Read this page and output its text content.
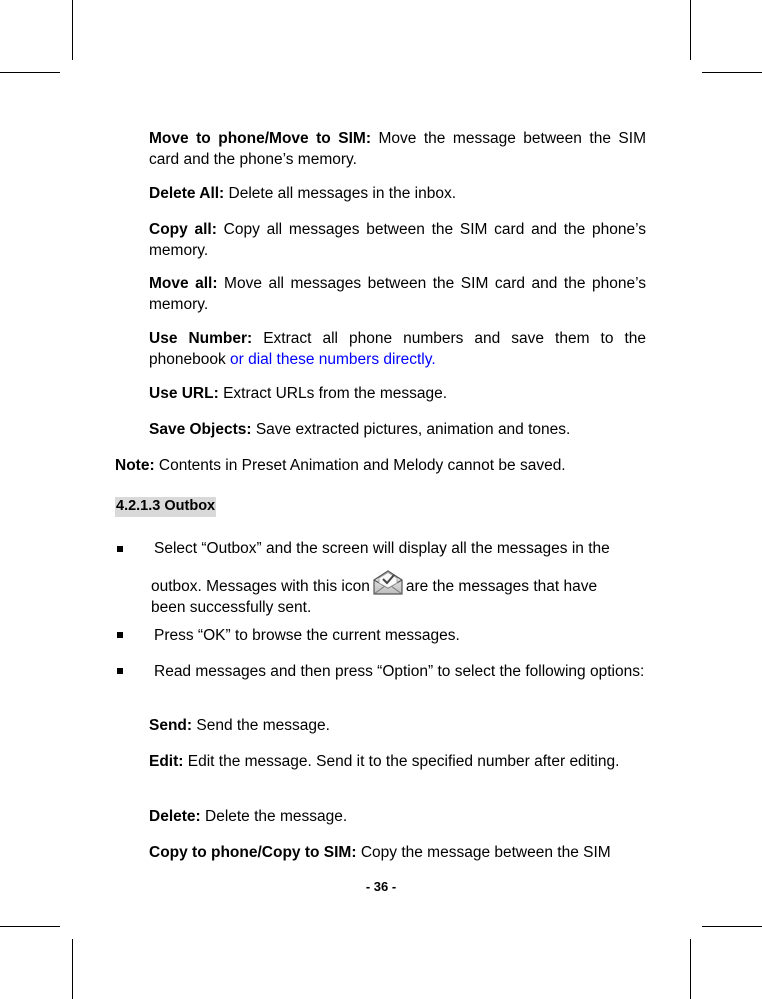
Move to phone/Move to SIM: Move the message between the SIM card and the phone’s memory.

Delete All: Delete all messages in the inbox.

Copy all: Copy all messages between the SIM card and the phone’s memory.

Move all: Move all messages between the SIM card and the phone’s memory.

Use Number: Extract all phone numbers and save them to the phonebook or dial these numbers directly.

Use URL: Extract URLs from the message.

Save Objects: Save extracted pictures, animation and tones.

Note: Contents in Preset Animation and Melody cannot be saved.

4.2.1.3 Outbox
Select “Outbox” and the screen will display all the messages in the
outbox. Messages with this icon are the messages that have
been successfully sent.

Press “OK” to browse the current messages.

Read messages and then press “Option” to select the following options:

Send: Send the message.

Edit: Edit the message. Send it to the specified number after editing.

Delete: Delete the message.

Copy to phone/Copy to SIM: Copy the message between the SIM

- 36 -
